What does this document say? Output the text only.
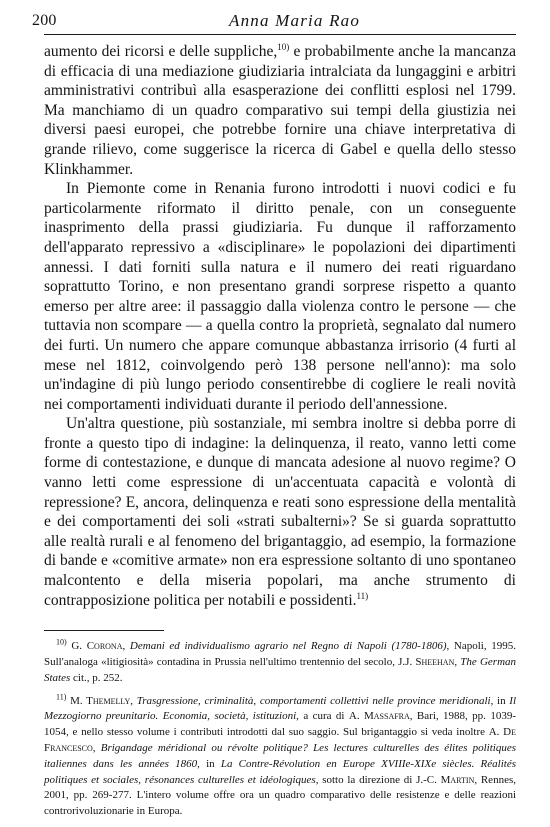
200	Anna Maria Rao

aumento dei ricorsi e delle suppliche,$^{10)}$ e probabilmente anche la mancanza di efficacia di una mediazione giudiziaria intralciata da lungaggini e arbitri amministrativi contribuì alla esasperazione dei conflitti esplosi nel 1799. Ma manchiamo di un quadro comparativo sui tempi della giustizia nei diversi paesi europei, che potrebbe fornire una chiave interpretativa di grande rilievo, come suggerisce la ricerca di Gabel e quella dello stesso Klinkhammer.

In Piemonte come in Renania furono introdotti i nuovi codici e fu particolarmente riformato il diritto penale, con un conseguente inasprimento della prassi giudiziaria. Fu dunque il rafforzamento dell'apparato repressivo a «disciplinare» le popolazioni dei dipartimenti annessi. I dati forniti sulla natura e il numero dei reati riguardano soprattutto Torino, e non presentano grandi sorprese rispetto a quanto emerso per altre aree: il passaggio dalla violenza contro le persone — che tuttavia non scompare — a quella contro la proprietà, segnalato dal numero dei furti. Un numero che appare comunque abbastanza irrisorio (4 furti al mese nel 1812, coinvolgendo però 138 persone nell'anno): ma solo un'indagine di più lungo periodo consentirebbe di cogliere le reali novità nei comportamenti individuati durante il periodo dell'annessione.

Un'altra questione, più sostanziale, mi sembra inoltre si debba porre di fronte a questo tipo di indagine: la delinquenza, il reato, vanno letti come forme di contestazione, e dunque di mancata adesione al nuovo regime? O vanno letti come espressione di un'accentuata capacità e volontà di repressione? E, ancora, delinquenza e reati sono espressione della mentalità e dei comportamenti dei soli «strati subalterni»? Se si guarda soprattutto alle realtà rurali e al fenomeno del brigantaggio, ad esempio, la formazione di bande e «comitive armate» non era espressione soltanto di uno spontaneo malcontento e della miseria popolari, ma anche strumento di contrapposizione politica per notabili e possidenti.$^{11)}$

$^{10)}$ G. Corona, Demani ed individualismo agrario nel Regno di Napoli (1780-1806), Napoli, 1995. Sull'analoga «litigiosità» contadina in Prussia nell'ultimo trentennio del secolo, J.J. Sheehan, The German States cit., p. 252.

$^{11)}$ M. Themelly, Trasgressione, criminalità, comportamenti collettivi nelle province meridionali, in Il Mezzogiorno preunitario. Economia, società, istituzioni, a cura di A. Massafra, Bari, 1988, pp. 1039-1054, e nello stesso volume i contributi introdotti dal suo saggio. Sul brigantaggio si veda inoltre A. De Francesco, Brigandage méridional ou révolte politique? Les lectures culturelles des élites politiques italiennes dans les années 1860, in La Contre-Révolution en Europe XVIIIe-XIXe siècles. Réalités politiques et sociales, résonances culturelles et idéologiques, sotto la direzione di J.-C. Martin, Rennes, 2001, pp. 269-277. L'intero volume offre ora un quadro comparativo delle resistenze e delle reazioni controrivoluzionarie in Europa.
